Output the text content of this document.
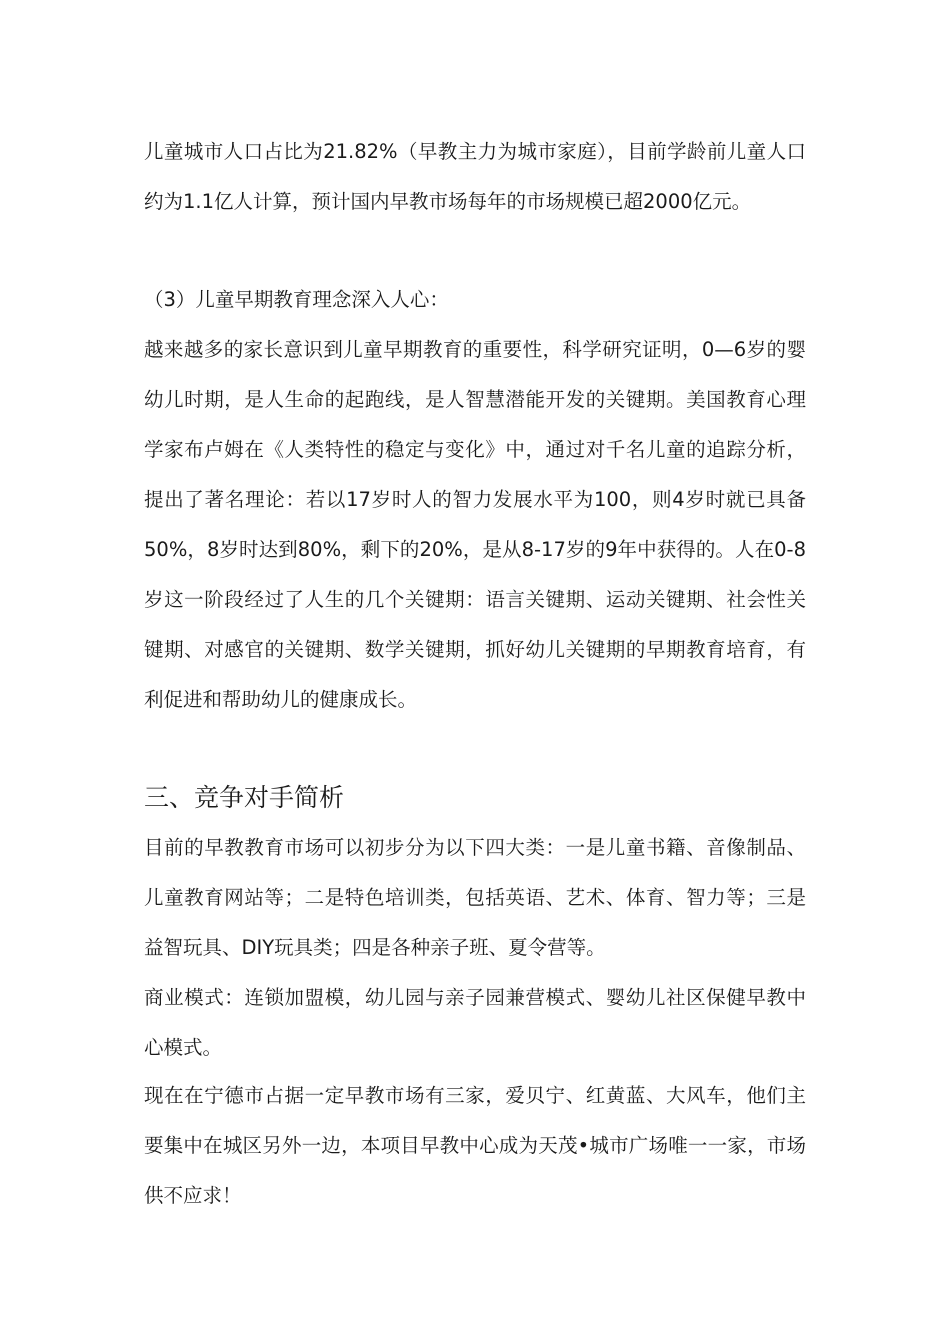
儿童城市人口占比为21.82%（早教主力为城市家庭），目前学龄前儿童人口约为1.1亿人计算，预计国内早教市场每年的市场规模已超2000亿元。

（3）儿童早期教育理念深入人心：

越来越多的家长意识到儿童早期教育的重要性，科学研究证明，0—6岁的婴幼儿时期，是人生命的起跑线，是人智慧潜能开发的关键期。美国教育心理学家布卢姆在《人类特性的稳定与变化》中，通过对千名儿童的追踪分析，提出了著名理论：若以17岁时人的智力发展水平为100，则4岁时就已具备50%，8岁时达到80%，剩下的20%，是从8-17岁的9年中获得的。人在0-8岁这一阶段经过了人生的几个关键期：语言关键期、运动关键期、社会性关键期、对感官的关键期、数学关键期，抓好幼儿关键期的早期教育培育，有利促进和帮助幼儿的健康成长。

三、竞争对手简析

目前的早教教育市场可以初步分为以下四大类：一是儿童书籍、音像制品、儿童教育网站等；二是特色培训类，包括英语、艺术、体育、智力等；三是益智玩具、DIY玩具类；四是各种亲子班、夏令营等。

商业模式：连锁加盟模，幼儿园与亲子园兼营模式、婴幼儿社区保健早教中心模式。

现在在宁德市占据一定早教市场有三家，爱贝宁、红黄蓝、大风车，他们主要集中在城区另外一边，本项目早教中心成为天茂•城市广场唯一一家，市场供不应求！
